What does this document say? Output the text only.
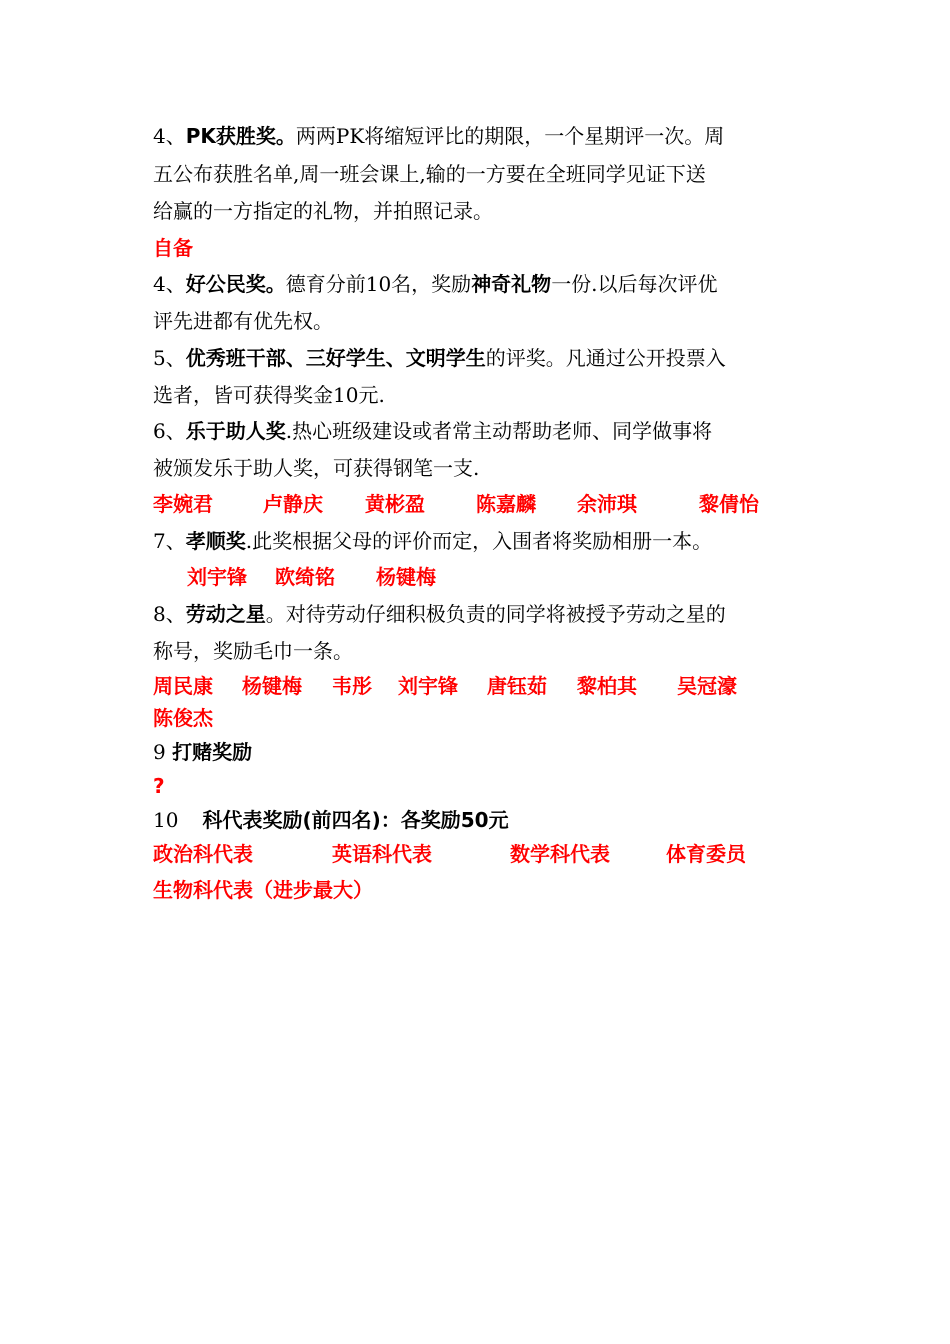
4、PK获胜奖。两两PK将缩短评比的期限，一个星期评一次。周

五公布获胜名单,周一班会课上,输的一方要在全班同学见证下送

给赢的一方指定的礼物，并拍照记录。

自备

4、好公民奖。德育分前10名，奖励神奇礼物一份.以后每次评优

评先进都有优先权。

5、优秀班干部、三好学生、文明学生的评奖。凡通过公开投票入

选者，皆可获得奖金10元.

6、乐于助人奖.热心班级建设或者常主动帮助老师、同学做事将

被颁发乐于助人奖，可获得钢笔一支.

李婉君	卢静庆 黄彬盈	陈嘉麟 余沛琪	黎倩怡

7、孝顺奖.此奖根据父母的评价而定，入围者将奖励相册一本。

刘宇锋 欧绮铭 杨键梅

8、劳动之星。对待劳动仔细积极负责的同学将被授予劳动之星的

称号，奖励毛巾一条。

周民康 杨键梅 韦彤 刘宇锋 唐钰茹 黎柏其 吴冠濠

陈俊杰

9 打赌奖励

?

10 科代表奖励(前四名)：各奖励50元

政治科代表	英语科代表	数学科代表	体育委员

生物科代表（进步最大）
